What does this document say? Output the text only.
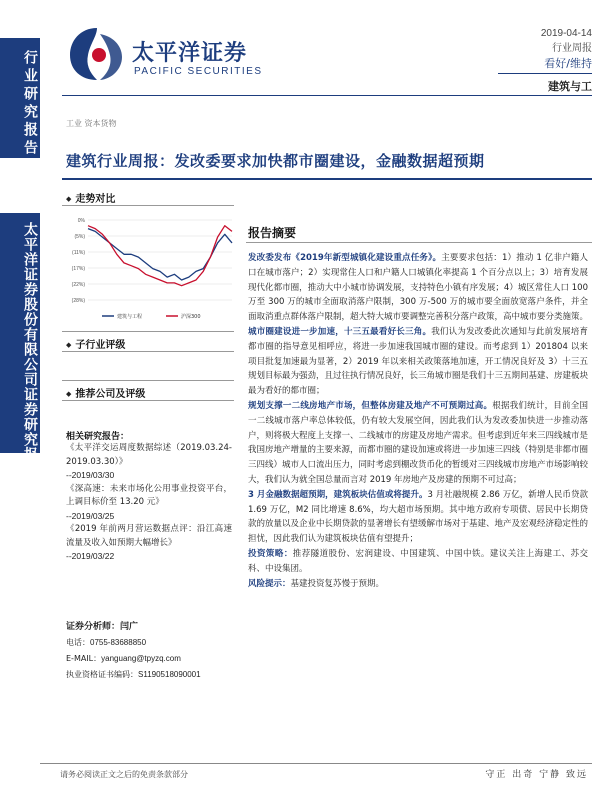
行业研究报告
太平洋证券股份有限公司证券研究报告
太平洋证券
PACIFIC SECURITIES
2019-04-14
行业周报
看好/维持
建筑与工
工业 资本货物
建筑行业周报：发改委要求加快都市圈建设，金融数据超预期
◆ 走势对比
0%
(5%)
(11%)
(17%)
(22%)
(28%)
建筑与工程	沪深300
◆ 子行业评级
◆ 推荐公司及评级
相关研究报告：
《太平洋交运周度数据综述（2019.03.24-2019.03.30）》
--2019/03/30
《深高速：未来市场化公用事业投资平台，上调目标价至 13.20 元》
--2019/03/25
《2019 年前两月营运数据点评：沿江高速流量及收入如预期大幅增长》
--2019/03/22
证券分析师：闫广
电话：0755-83688850
E-MAIL：yanguang@tpyzq.com
执业资格证书编码：S1190518090001
报告摘要

发改委发布《2019年新型城镇化建设重点任务》。主要要求包括：1）推动 1 亿非户籍人口在城市落户；2）实现常住人口和户籍人口城镇化率提高 1 个百分点以上；3）培育发展现代化都市圈，推动大中小城市协调发展，支持特色小镇有序发展；4）城区常住人口 100 万至 300 万的城市全面取消落户限制，300 万-500 万的城市要全面放宽落户条件，并全面取消重点群体落户限制，超大特大城市要调整完善积分落户政策，高中城市要分类施策。

城市圈建设进一步加速，十三五最看好长三角。我们认为发改委此次通知与此前发展培育都市圈的指导意见相呼应，将进一步加速我国城市圈的建设。而考虑到 1）201804 以来项目批复加速最为显著，2）2019 年以来相关政策落地加速，开工情况良好及 3）十三五规划目标最为强劲，且过往执行情况良好，长三角城市圈是我们十三五期间基建、房建板块最为看好的都市圈；

规划支撑一二线房地产市场，但整体房建及地产不可预期过高。根据我们统计，目前全国一二线城市落户率总体较低，仍有较大发展空间，因此我们认为发改委加快进一步推动落户，则将极大程度上支撑一、二线城市的房建及房地产需求。但考虑到近年来三四线城市是我国房地产增量的主要来源，而都市圈的建设加速或将进一步加速三四线（特别是非都市圈三四线）城市人口流出压力，同时考虑到棚改货币化的暂缓对三四线城市房地产市场影响较大，我们认为就全国总量而言对 2019 年房地产及房建的预期不可过高；

3 月金融数据超预期，建筑板块估值或将提升。3 月社融规模 2.86 万亿，新增人民币贷款 1.69 万亿，M2 同比增速 8.6%，均大超市场预期。其中地方政府专项债、居民中长期贷款的放量以及企业中长期贷款的显著增长有望缓解市场对于基建、地产及宏观经济稳定性的担忧，因此我们认为建筑板块估值有望提升；

投资策略：推荐隧道股份、宏润建设、中国建筑、中国中铁。建议关注上海建工、苏交科、中设集团。

风险提示：基建投资复苏慢于预期。

请务必阅读正文之后的免责条款部分	守正 出奇 宁静 致远
